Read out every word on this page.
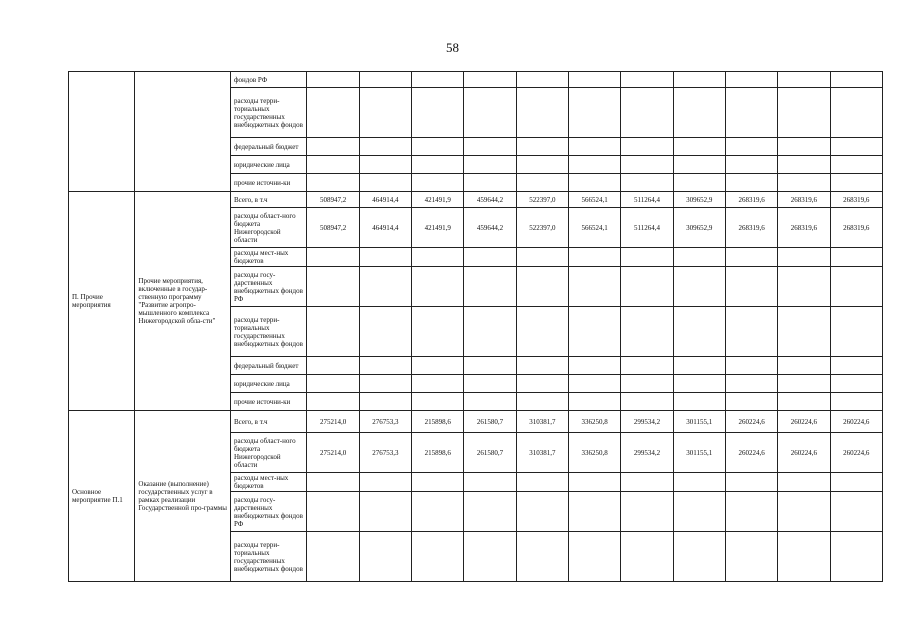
58
		фондов РФ											
		расходы терри-ториальных государственных внебюджетных фондов											
		федеральный бюджет											
		юридические лица											
		прочие источни-ки											
П. Прочие мероприятия	Прочие мероприятия, включенные в государ-ственную программу "Развитие агропро-мышленного комплекса Нижегородской обла-сти"	Всего, в т.ч	508947,2	464914,4	421491,9	459644,2	522397,0	566524,1	511264,4	309652,9	268319,6	268319,6	268319,6
		расходы област-ного бюджета Нижегородской области	508947,2	464914,4	421491,9	459644,2	522397,0	566524,1	511264,4	309652,9	268319,6	268319,6	268319,6
		расходы мест-ных бюджетов											
		расходы госу-дарственных внебюджетных фондов РФ											
		расходы терри-ториальных государственных внебюджетных фондов											
		федеральный бюджет											
		юридические лица											
		прочие источни-ки											
Основное мероприятие П.1	Оказание (выполнение) государственных услуг в рамках реализации Государственной про-граммы	Всего, в т.ч	275214,0	276753,3	215898,6	261580,7	310381,7	336250,8	299534,2	301155,1	260224,6	260224,6	260224,6
		расходы област-ного бюджета Нижегородской области	275214,0	276753,3	215898,6	261580,7	310381,7	336250,8	299534,2	301155,1	260224,6	260224,6	260224,6
		расходы мест-ных бюджетов											
		расходы госу-дарственных внебюджетных фондов РФ											
		расходы терри-ториальных государственных внебюджетных фондов											
